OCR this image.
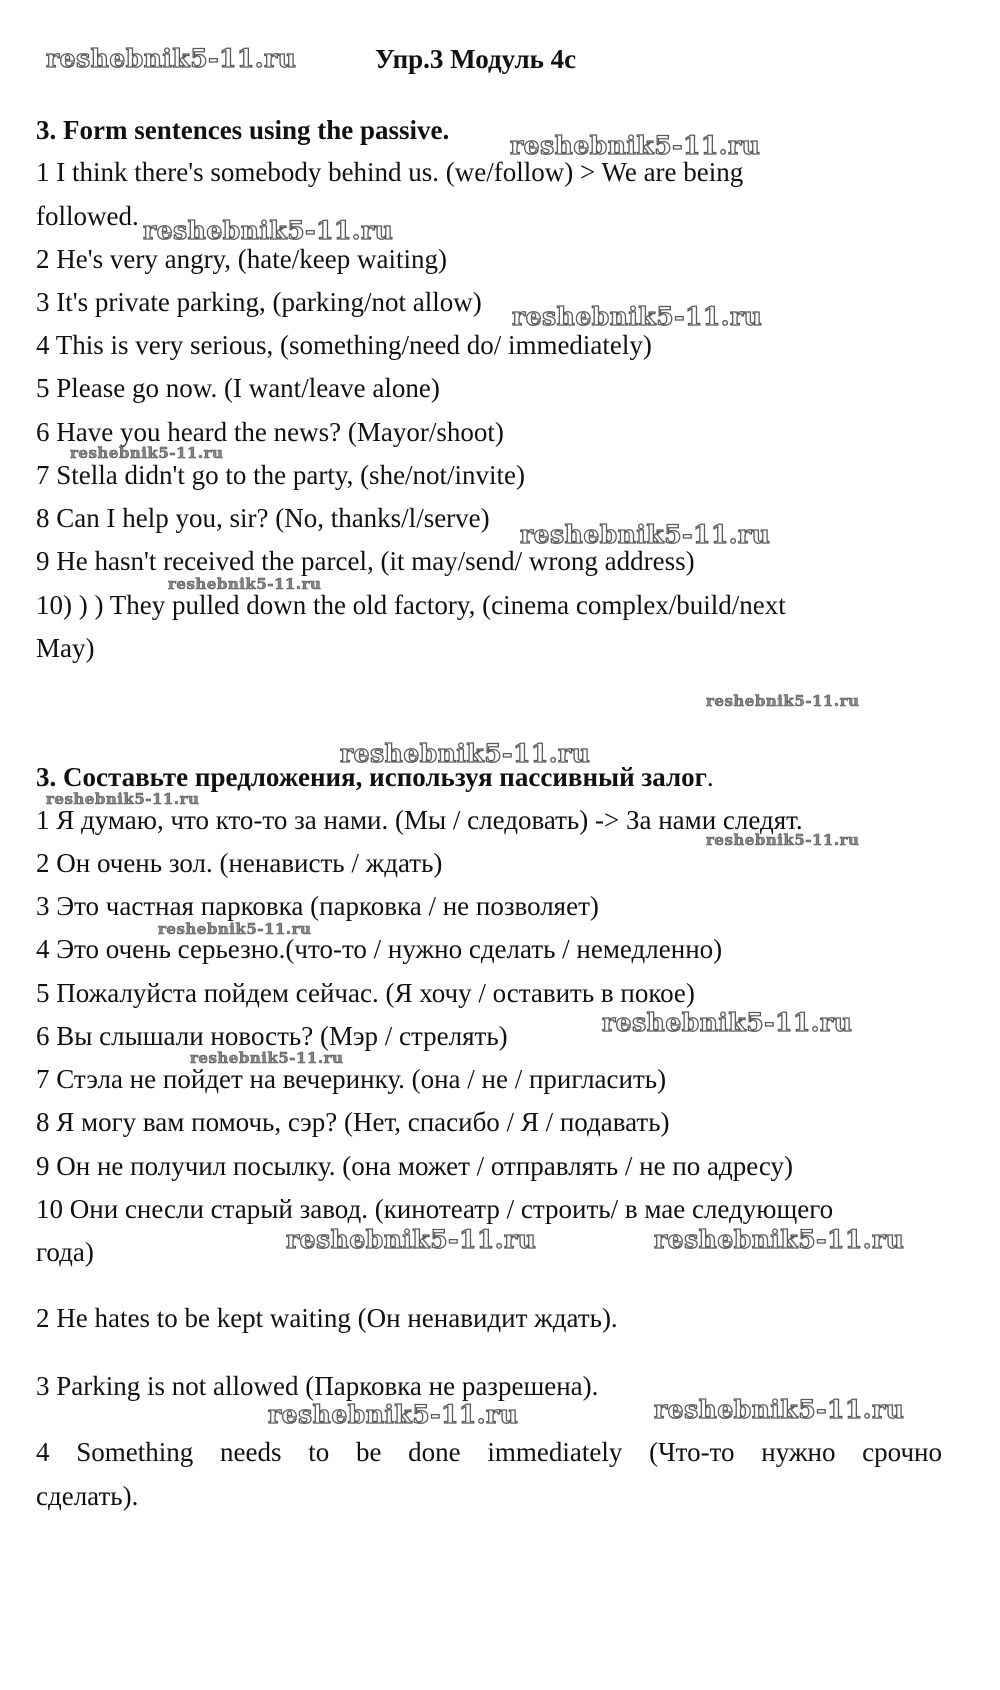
Упр.3 Модуль 4с
3. Form sentences using the passive.
1 I think there's somebody behind us. (we/follow) > We are being
followed.
2 He's very angry, (hate/keep waiting)
3 It's private parking, (parking/not allow)
4 This is very serious, (something/need do/ immediately)
5 Please go now. (I want/leave alone)
6 Have you heard the news? (Mayor/shoot)
7 Stella didn't go to the party, (she/not/invite)
8 Can I help you, sir? (No, thanks/l/serve)
9 He hasn't received the parcel, (it may/send/ wrong address)
10) ) ) They pulled down the old factory, (cinema complex/build/next
May)
3. Составьте предложения, используя пассивный залог.
1 Я думаю, что кто-то за нами. (Мы / следовать) -> За нами следят.
2 Он очень зол. (ненависть / ждать)
3 Это частная парковка (парковка / не позволяет)
4 Это очень серьезно.(что-то / нужно сделать / немедленно)
5 Пожалуйста пойдем сейчас. (Я хочу / оставить в покое)
6 Вы слышали новость? (Мэр / стрелять)
7 Стэла не пойдет на вечеринку. (она / не / пригласить)
8 Я могу вам помочь, сэр? (Нет, спасибо / Я / подавать)
9 Он не получил посылку. (она может / отправлять / не по адресу)
10 Они снесли старый завод. (кинотеатр / строить/ в мае следующего
года)
2 He hates to be kept waiting (Он ненавидит ждать).
3 Parking is not allowed (Парковка не разрешена).
4 Something needs to be done immediately (Что-то нужно срочно
сделать).
reshebnik5-11.ru
reshebnik5-11.ru
reshebnik5-11.ru
reshebnik5-11.ru
reshebnik5-11.ru
reshebnik5-11.ru
reshebnik5-11.ru
reshebnik5-11.ru
reshebnik5-11.ru
reshebnik5-11.ru
reshebnik5-11.ru
reshebnik5-11.ru
reshebnik5-11.ru
reshebnik5-11.ru
reshebnik5-11.ru	reshebnik5-11.ru
reshebnik5-11.ru	reshebnik5-11.ru
